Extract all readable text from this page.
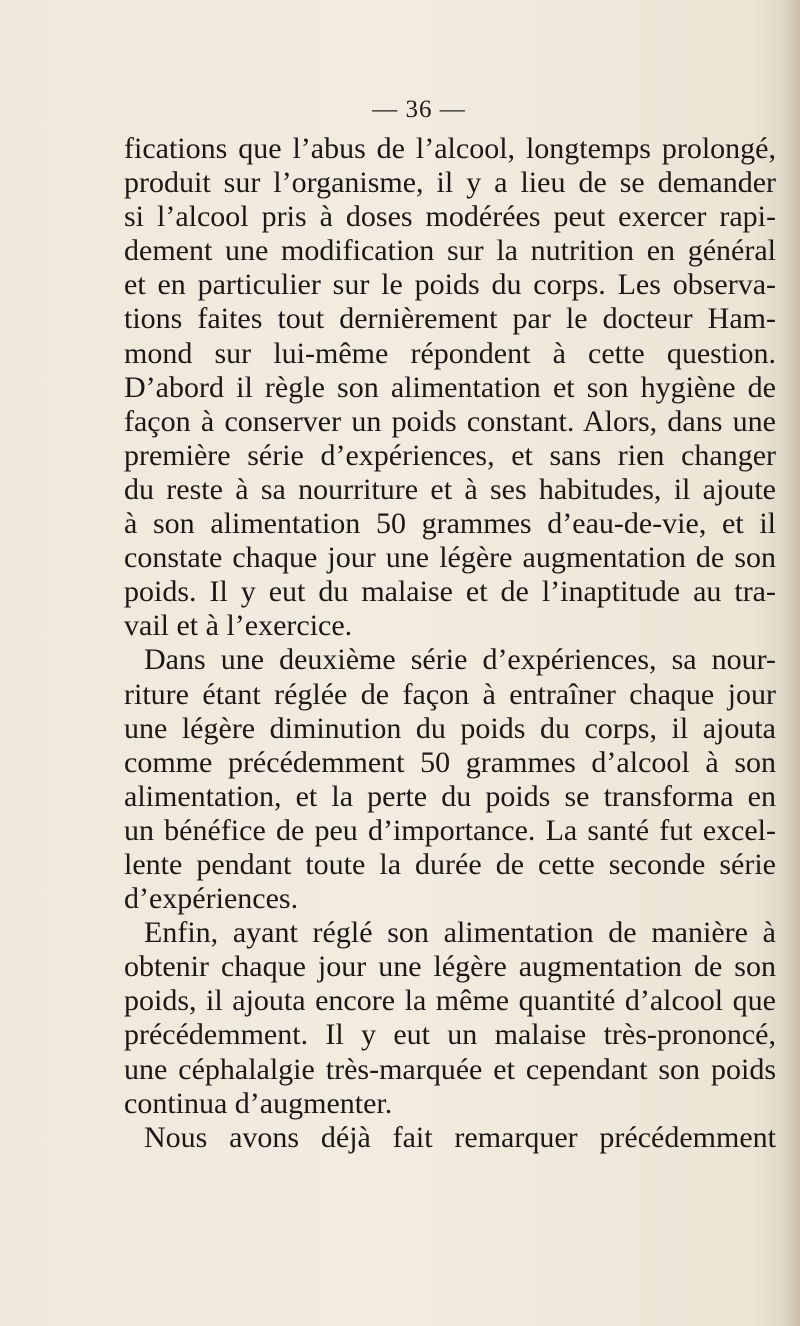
— 36 —
fications que l’abus de l’alcool, longtemps prolongé,
produit sur l’organisme, il y a lieu de se demander
si l’alcool pris à doses modérées peut exercer rapi-
dement une modification sur la nutrition en général
et en particulier sur le poids du corps. Les observa-
tions faites tout dernièrement par le docteur Ham-
mond sur lui-même répondent à cette question.
D’abord il règle son alimentation et son hygiène de
façon à conserver un poids constant. Alors, dans une
première série d’expériences, et sans rien changer
du reste à sa nourriture et à ses habitudes, il ajoute
à son alimentation 50 grammes d’eau-de-vie, et il
constate chaque jour une légère augmentation de son
poids. Il y eut du malaise et de l’inaptitude au tra-
vail et à l’exercice.
Dans une deuxième série d’expériences, sa nour-
riture étant réglée de façon à entraîner chaque jour
une légère diminution du poids du corps, il ajouta
comme précédemment 50 grammes d’alcool à son
alimentation, et la perte du poids se transforma en
un bénéfice de peu d’importance. La santé fut excel-
lente pendant toute la durée de cette seconde série
d’expériences.
Enfin, ayant réglé son alimentation de manière à
obtenir chaque jour une légère augmentation de son
poids, il ajouta encore la même quantité d’alcool que
précédemment. Il y eut un malaise très-prononcé,
une céphalalgie très-marquée et cependant son poids
continua d’augmenter.
Nous avons déjà fait remarquer précédemment
